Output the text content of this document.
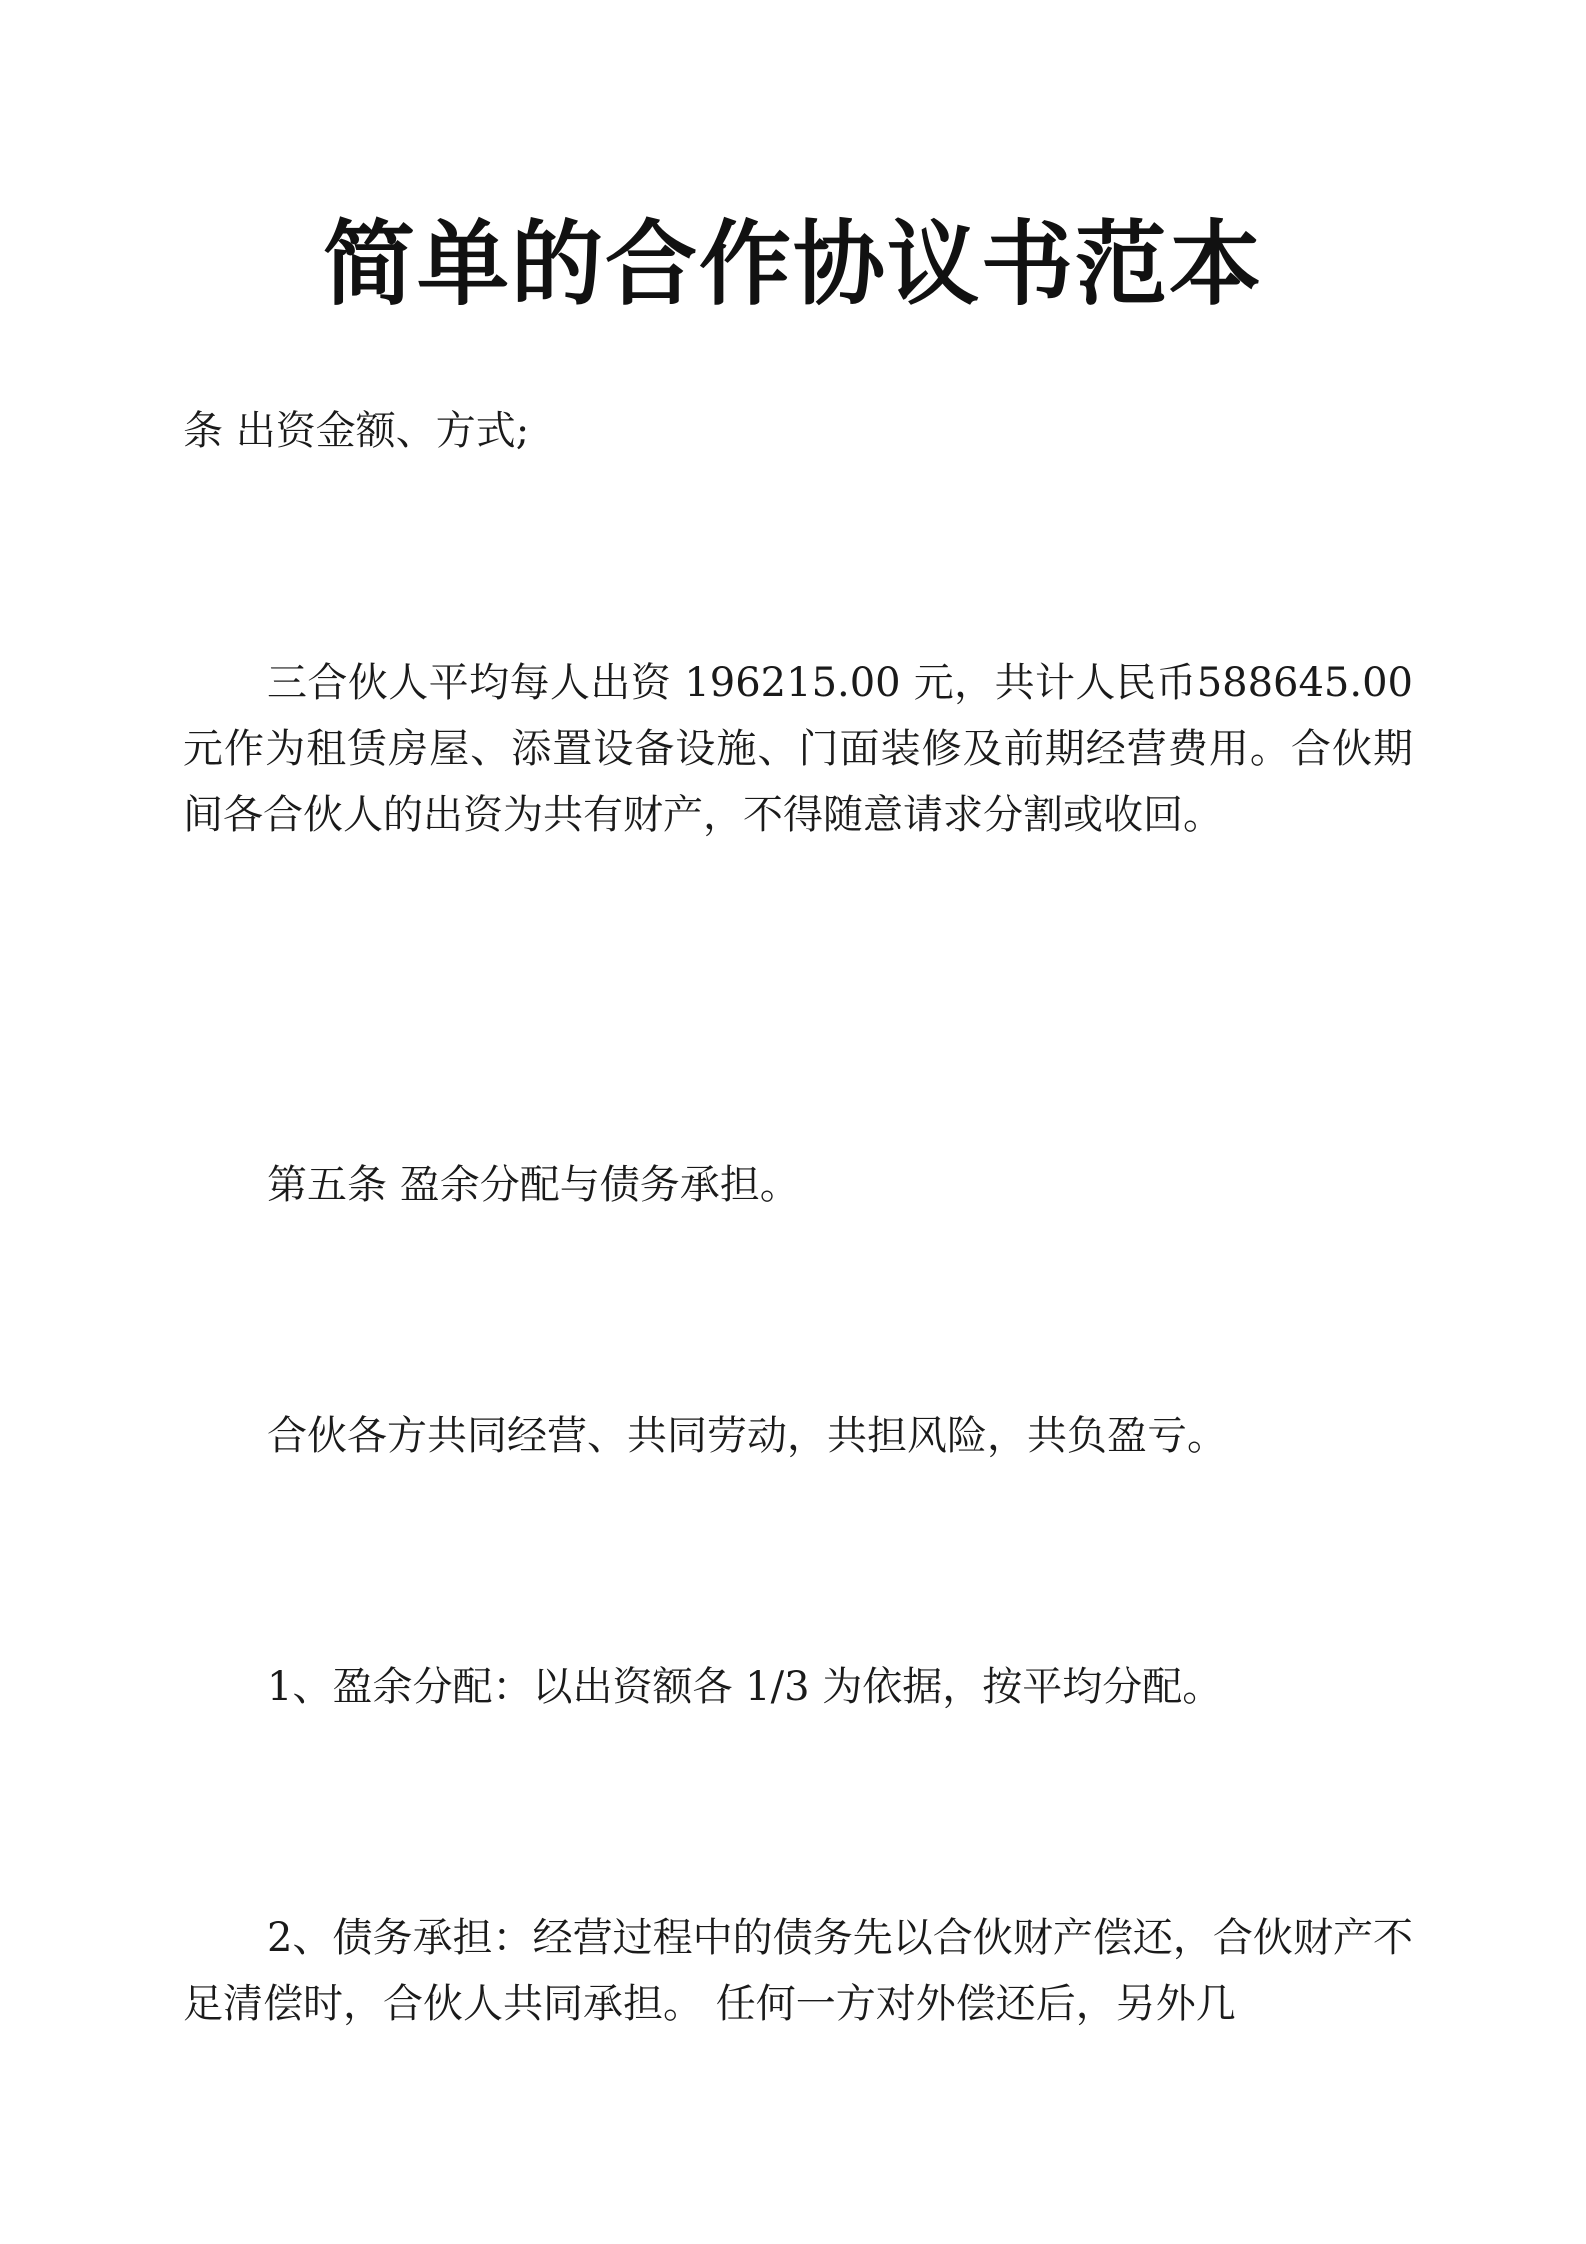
简单的合作协议书范本
条 出资金额、方式;
三合伙人平均每人出资 196215.00 元，共计人民币588645.00 元作为租赁房屋、添置设备设施、门面装修及前期经营费用。合伙期间各合伙人的出资为共有财产，不得随意请求分割或收回。
第五条 盈余分配与债务承担。
合伙各方共同经营、共同劳动，共担风险，共负盈亏。
1、盈余分配：以出资额各 1/3 为依据，按平均分配。
2、债务承担：经营过程中的债务先以合伙财产偿还，合伙财产不足清偿时，合伙人共同承担。 任何一方对外偿还后，另外几
